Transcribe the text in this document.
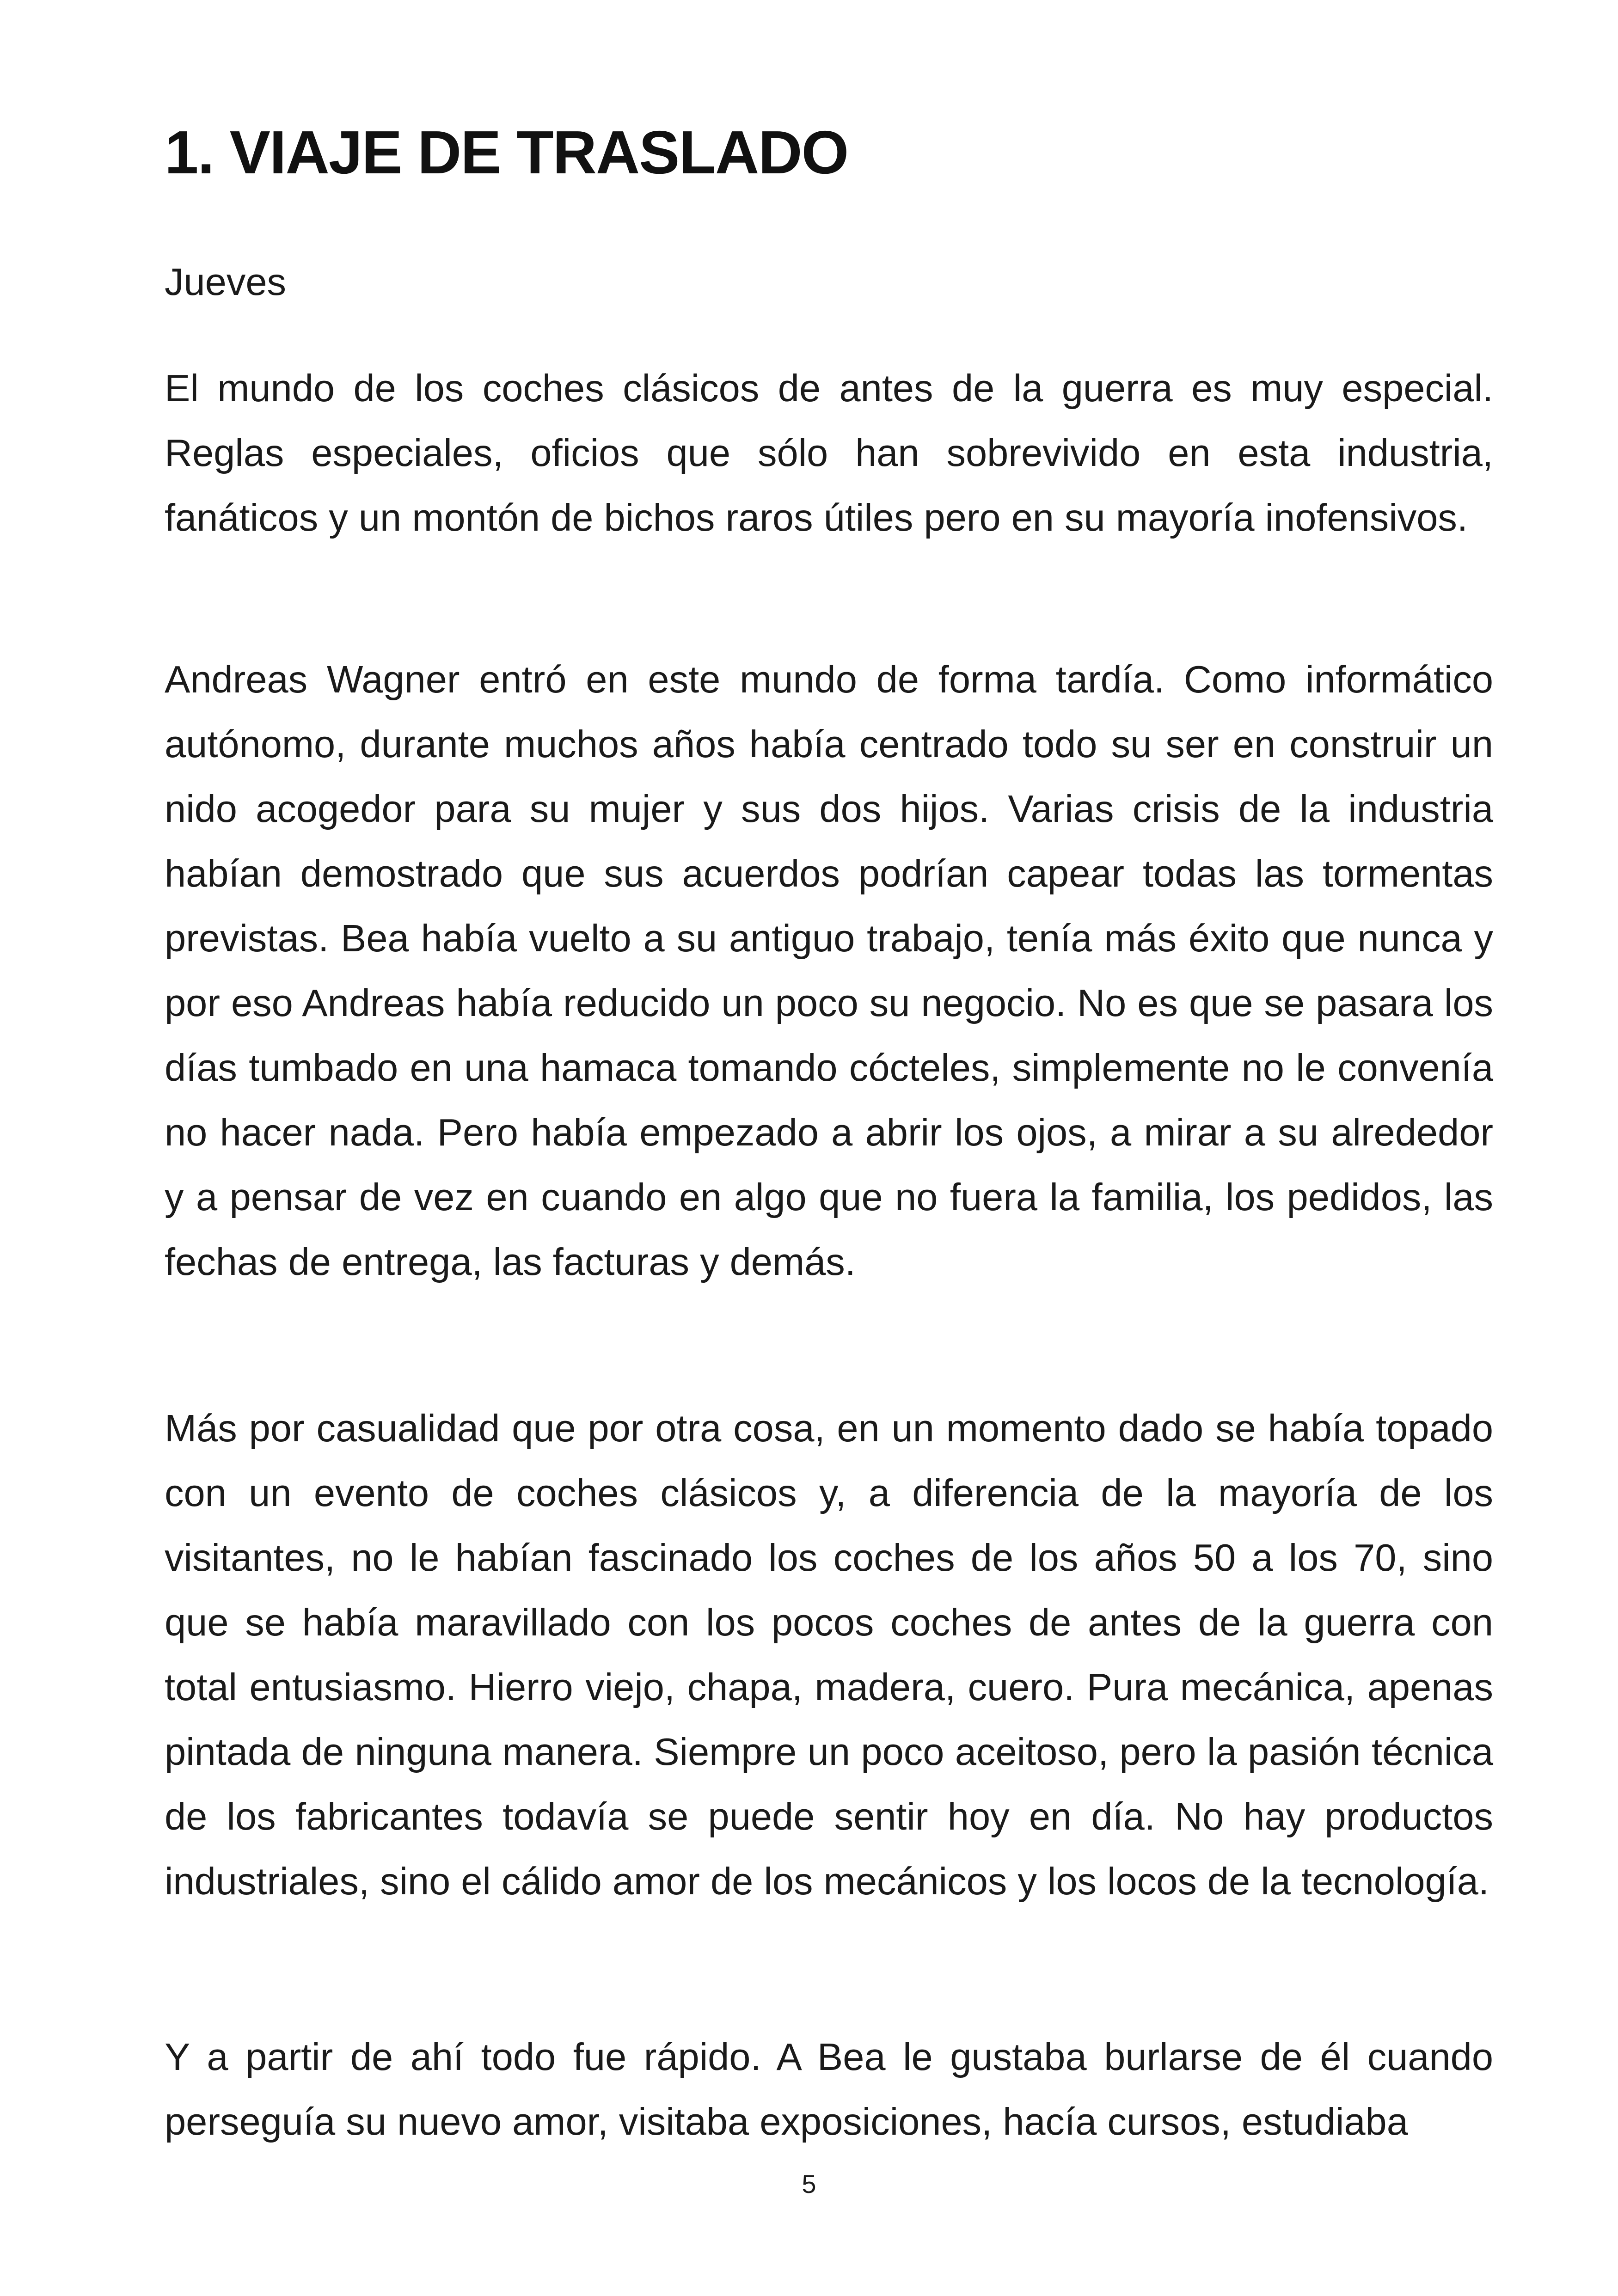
1. VIAJE DE TRASLADO

Jueves

El mundo de los coches clásicos de antes de la guerra es muy especial. Reglas especiales, oficios que sólo han sobrevivido en esta industria, fanáticos y un montón de bichos raros útiles pero en su mayoría inofensivos.

Andreas Wagner entró en este mundo de forma tardía. Como informático autónomo, durante muchos años había centrado todo su ser en construir un nido acogedor para su mujer y sus dos hijos. Varias crisis de la industria habían demostrado que sus acuerdos podrían capear todas las tormentas previstas. Bea había vuelto a su antiguo trabajo, tenía más éxito que nunca y por eso Andreas había reducido un poco su negocio. No es que se pasara los días tumbado en una hamaca tomando cócteles, simplemente no le convenía no hacer nada. Pero había empezado a abrir los ojos, a mirar a su alrededor y a pensar de vez en cuando en algo que no fuera la familia, los pedidos, las fechas de entrega, las facturas y demás.

Más por casualidad que por otra cosa, en un momento dado se había topado con un evento de coches clásicos y, a diferencia de la mayoría de los visitantes, no le habían fascinado los coches de los años 50 a los 70, sino que se había maravillado con los pocos coches de antes de la guerra con total entusiasmo. Hierro viejo, chapa, madera, cuero. Pura mecánica, apenas pintada de ninguna manera. Siempre un poco aceitoso, pero la pasión técnica de los fabricantes todavía se puede sentir hoy en día. No hay productos industriales, sino el cálido amor de los mecánicos y los locos de la tecnología.

Y a partir de ahí todo fue rápido. A Bea le gustaba burlarse de él cuando perseguía su nuevo amor, visitaba exposiciones, hacía cursos, estudiaba

5
